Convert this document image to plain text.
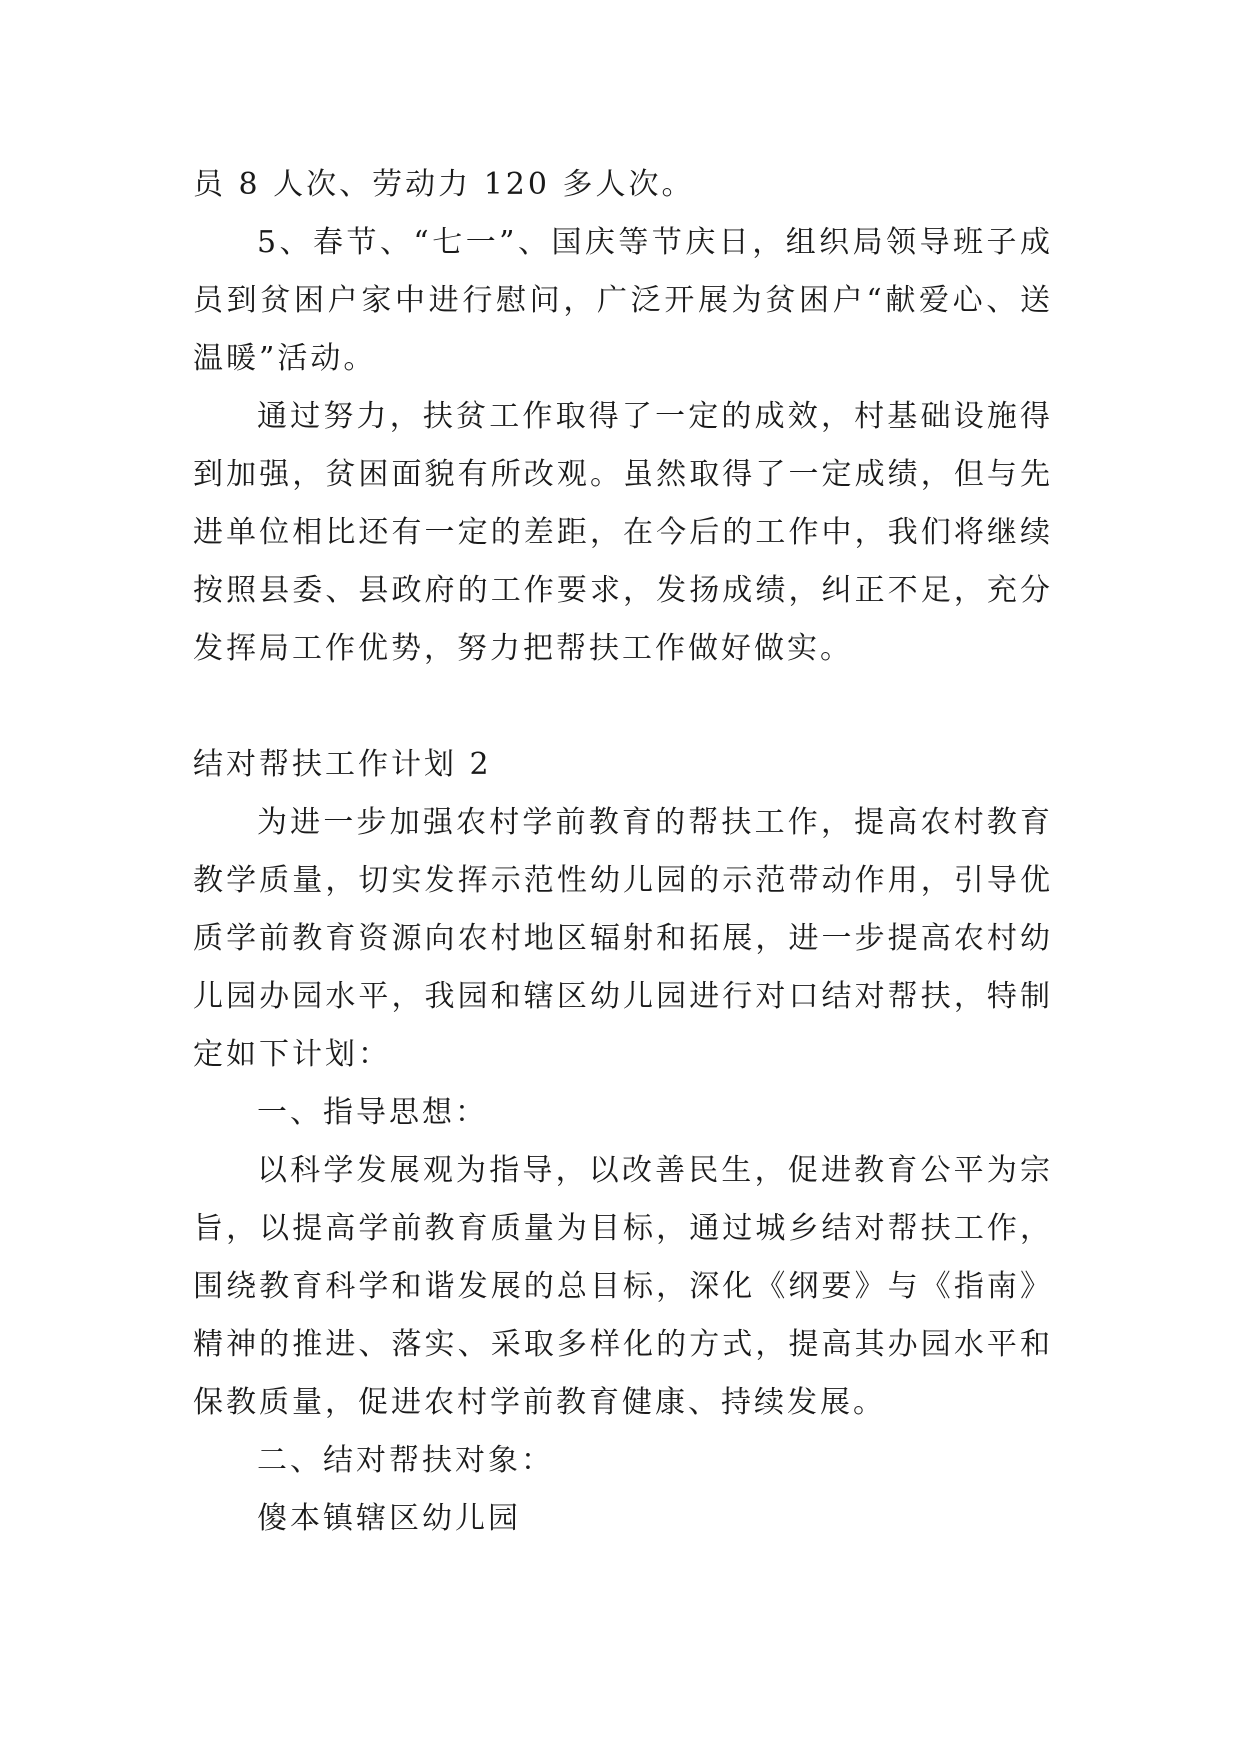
员 8 人次、劳动力 120 多人次。
5、春节、“七一”、国庆等节庆日，组织局领导班子成
员到贫困户家中进行慰问，广泛开展为贫困户“献爱心、送
温暖”活动。
通过努力，扶贫工作取得了一定的成效，村基础设施得
到加强，贫困面貌有所改观。虽然取得了一定成绩，但与先
进单位相比还有一定的差距，在今后的工作中，我们将继续
按照县委、县政府的工作要求，发扬成绩，纠正不足，充分
发挥局工作优势，努力把帮扶工作做好做实。
结对帮扶工作计划 2
为进一步加强农村学前教育的帮扶工作，提高农村教育
教学质量，切实发挥示范性幼儿园的示范带动作用，引导优
质学前教育资源向农村地区辐射和拓展，进一步提高农村幼
儿园办园水平，我园和辖区幼儿园进行对口结对帮扶，特制
定如下计划：
一、指导思想：
以科学发展观为指导，以改善民生，促进教育公平为宗
旨，以提高学前教育质量为目标，通过城乡结对帮扶工作，
围绕教育科学和谐发展的总目标，深化《纲要》与《指南》
精神的推进、落实、采取多样化的方式，提高其办园水平和
保教质量，促进农村学前教育健康、持续发展。
二、结对帮扶对象：
傻本镇辖区幼儿园
